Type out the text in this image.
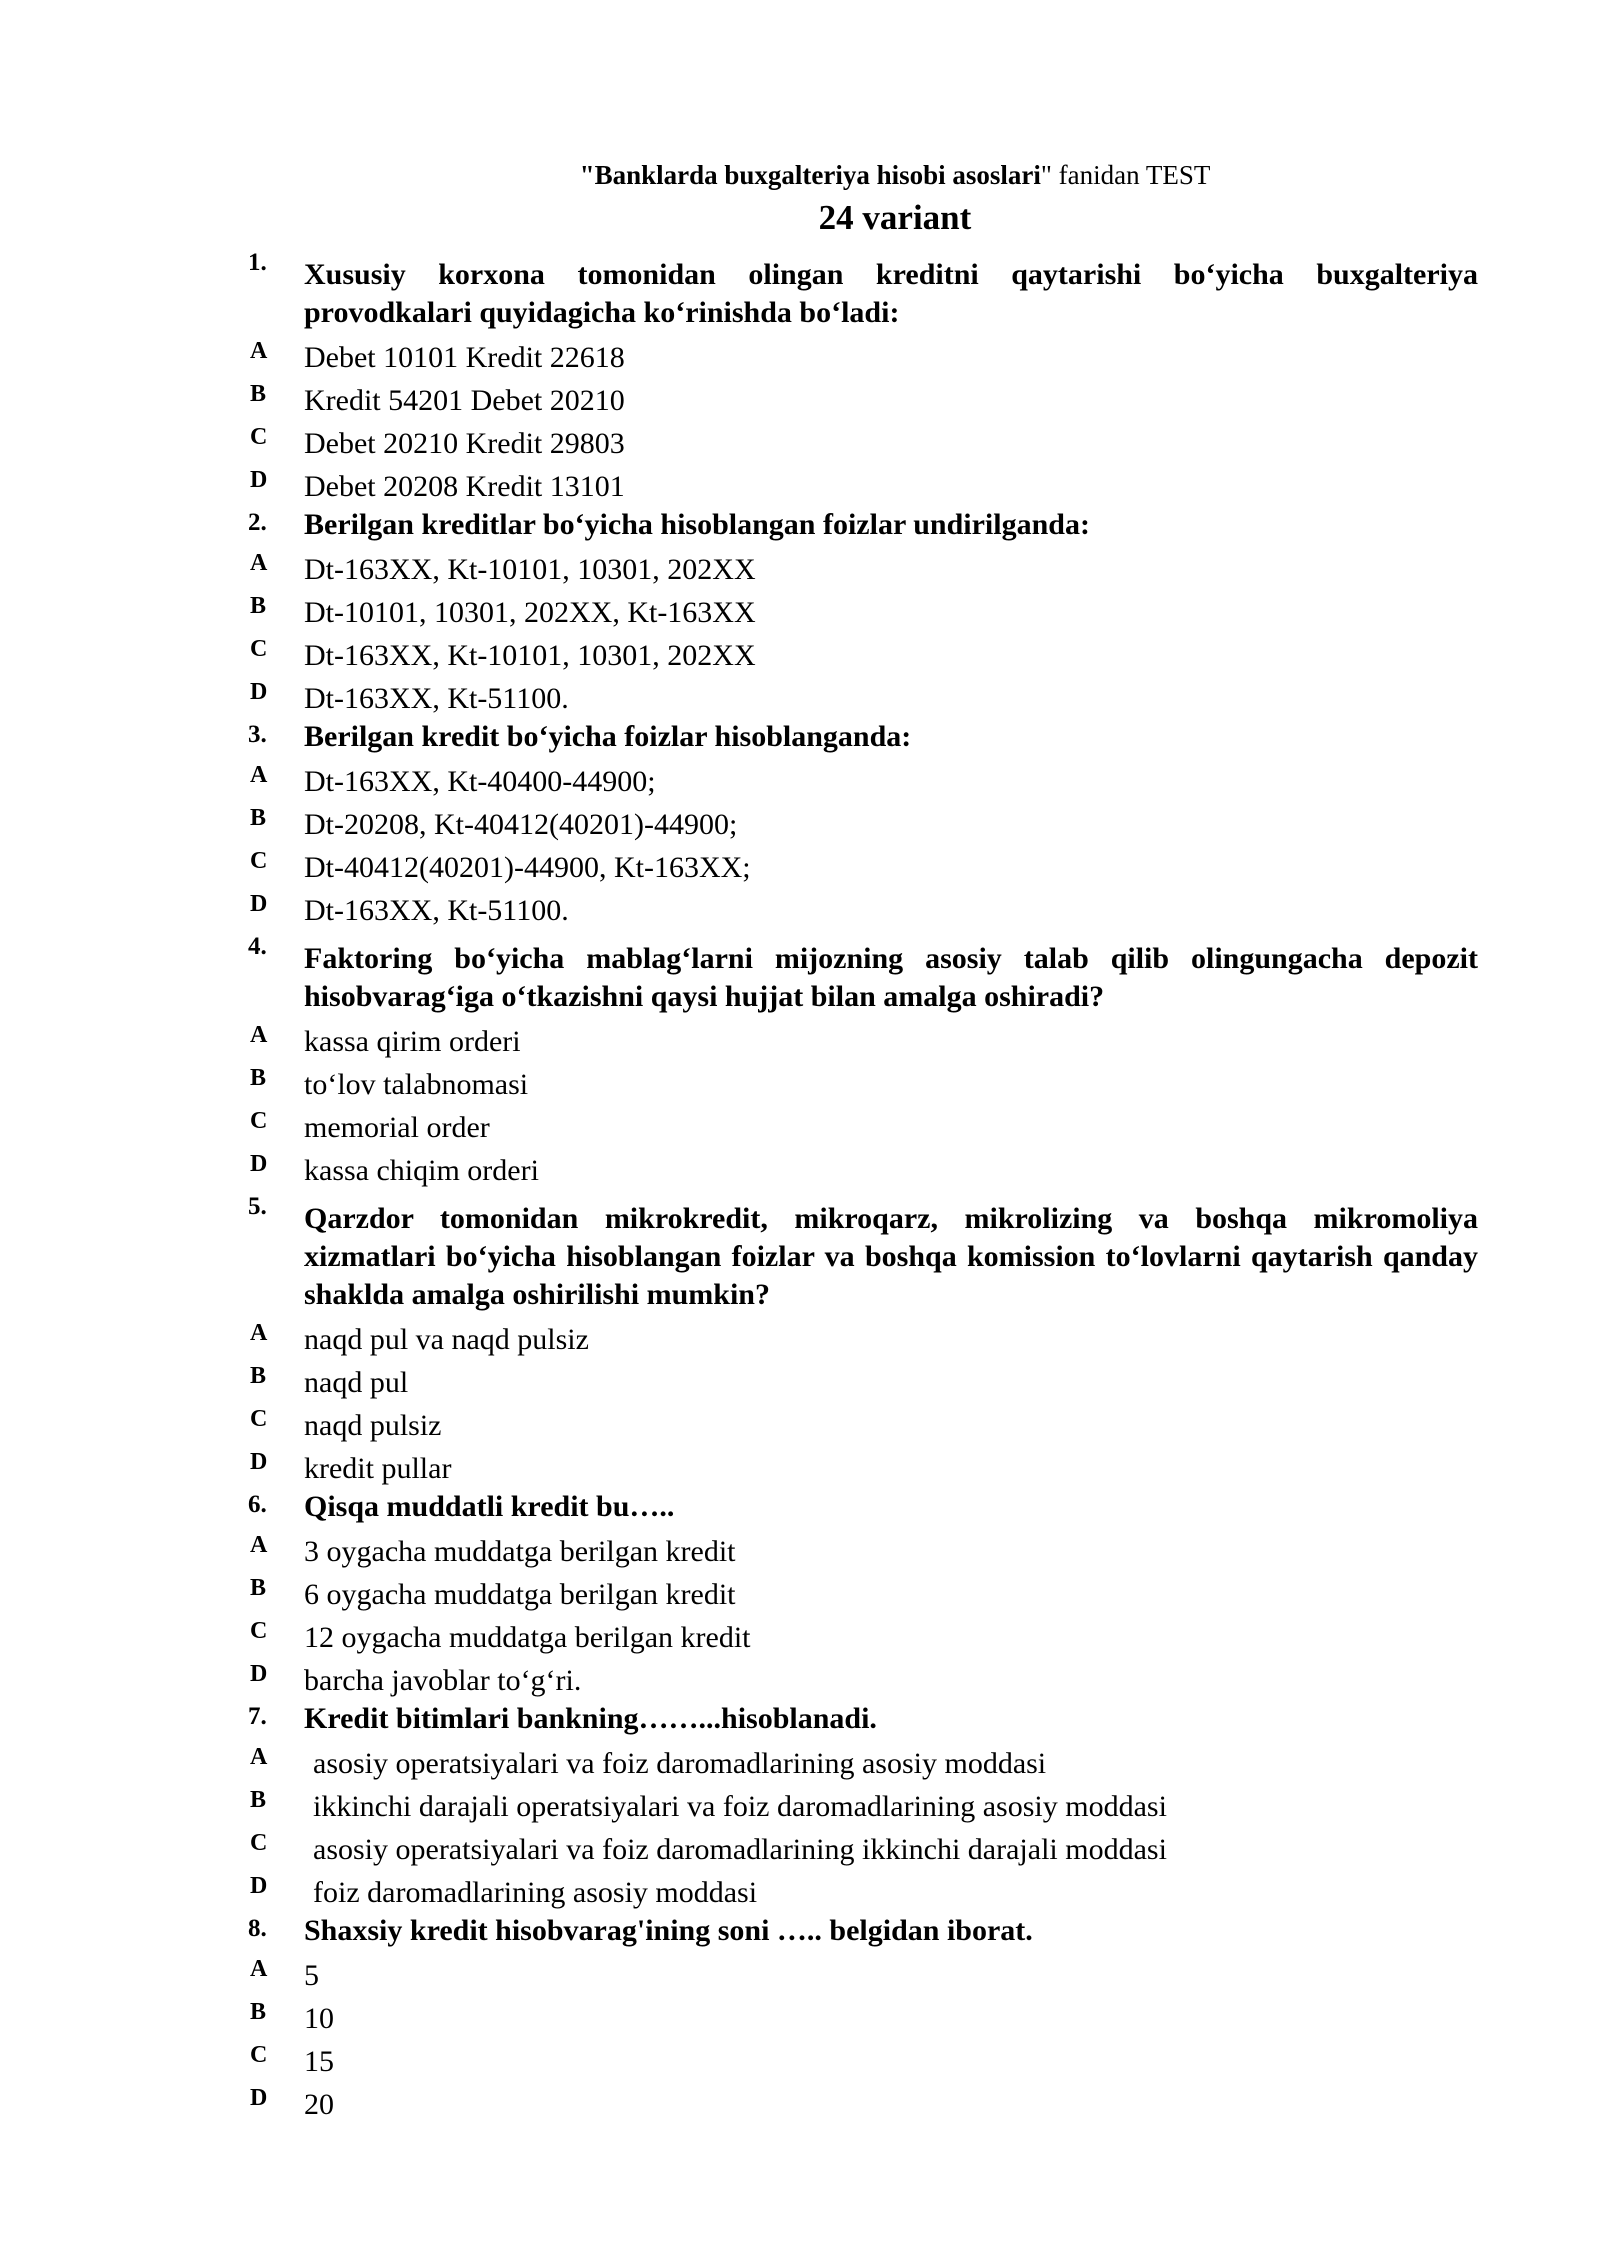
"Banklarda buxgalteriya hisobi asoslari" fanidan TEST
24 variant
1.	Xususiy korxona tomonidan olingan kreditni qaytarishi bo‘yicha buxgalteriya provodkalari quyidagicha ko‘rinishda bo‘ladi:
A	Debet 10101 Kredit 22618
B	Kredit 54201 Debet 20210
C	Debet 20210 Kredit 29803
D	Debet 20208 Kredit 13101
2.	Berilgan kreditlar bo‘yicha hisoblangan foizlar undirilganda:
A	Dt-163XX, Kt-10101, 10301, 202XX
B	Dt-10101, 10301, 202XX, Kt-163XX
C	Dt-163XX, Kt-10101, 10301, 202XX
D	Dt-163XX, Kt-51100.
3.	Berilgan kredit bo‘yicha foizlar hisoblanganda:
A	Dt-163XX, Kt-40400-44900;
B	Dt-20208, Kt-40412(40201)-44900;
C	Dt-40412(40201)-44900, Kt-163XX;
D	Dt-163XX, Kt-51100.
4.	Faktoring bo‘yicha mablag‘larni mijozning asosiy talab qilib olingungacha depozit hisobvarag‘iga o‘tkazishni qaysi hujjat bilan amalga oshiradi?
A	kassa qirim orderi
B	to‘lov talabnomasi
C	memorial order
D	kassa chiqim orderi
5.	Qarzdor tomonidan mikrokredit, mikroqarz, mikrolizing va boshqa mikromoliya xizmatlari bo‘yicha hisoblangan foizlar va boshqa komission to‘lovlarni qaytarish qanday shaklda amalga oshirilishi mumkin?
A	naqd pul va naqd pulsiz
B	naqd pul
C	naqd pulsiz
D	kredit pullar
6.	Qisqa muddatli kredit bu…..
A	3 oygacha muddatga berilgan kredit
B	6 oygacha muddatga berilgan kredit
C	12 oygacha muddatga berilgan kredit
D	barcha javoblar to‘g‘ri.
7.	Kredit bitimlari bankning……...hisoblanadi.
A	asosiy operatsiyalari va foiz daromadlarining asosiy moddasi
B	ikkinchi darajali operatsiyalari va foiz daromadlarining asosiy moddasi
C	asosiy operatsiyalari va foiz daromadlarining ikkinchi darajali moddasi
D	foiz daromadlarining asosiy moddasi
8.	Shaxsiy kredit hisobvarag'ining soni ….. belgidan iborat.
A	5
B	10
C	15
D	20
